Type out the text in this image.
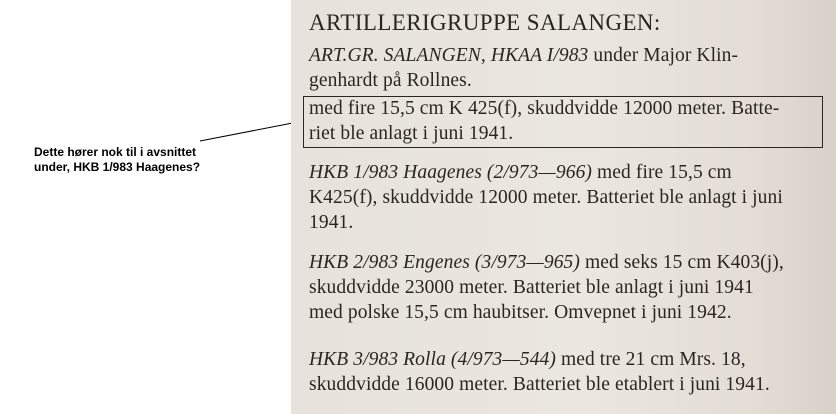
Dette hører nok til i avsnittet
under, HKB 1/983 Haagenes?
ARTILLERIGRUPPE SALANGEN:
ART.GR. SALANGEN, HKAA I/983 under Major Klin-
genhardt på Rollnes.
med fire 15,5 cm K 425(f), skuddvidde 12000 meter. Batte-
riet ble anlagt i juni 1941.
HKB 1/983 Haagenes (2/973—966) med fire 15,5 cm
K425(f), skuddvidde 12000 meter. Batteriet ble anlagt i juni
1941.
HKB 2/983 Engenes (3/973—965) med seks 15 cm K403(j),
skuddvidde 23000 meter. Batteriet ble anlagt i juni 1941
med polske 15,5 cm haubitser. Omvepnet i juni 1942.
HKB 3/983 Rolla (4/973—544) med tre 21 cm Mrs. 18,
skuddvidde 16000 meter. Batteriet ble etablert i juni 1941.
